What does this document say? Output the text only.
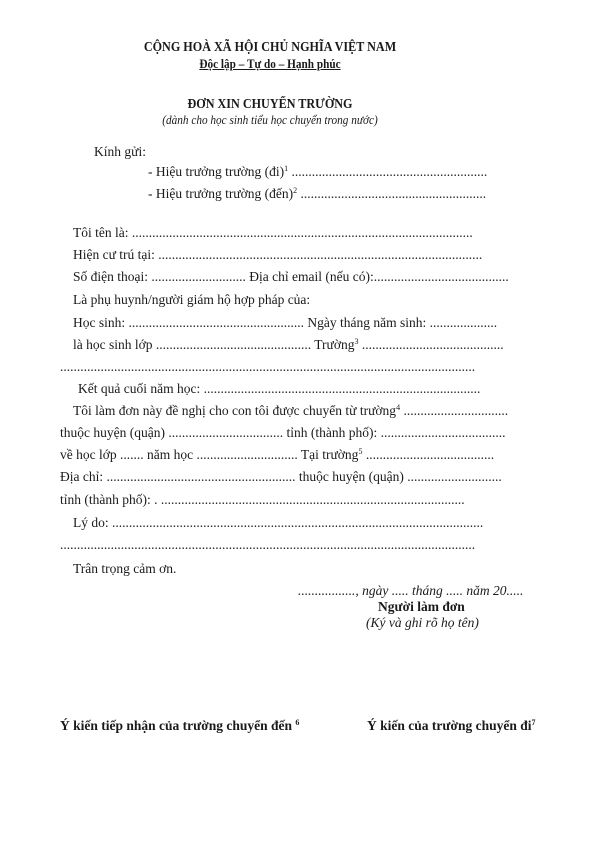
CỘNG HOÀ XÃ HỘI CHỦ NGHĨA VIỆT NAM
Độc lập – Tự do – Hạnh phúc
ĐƠN XIN CHUYỂN TRƯỜNG
(dành cho học sinh tiểu học chuyển trong nước)
Kính gửi:
- Hiệu trưởng trường (đi)$^1$ ..........................................................
- Hiệu trưởng trường (đến)$^2$ .......................................................
Tôi tên là: .....................................................................................................
Hiện cư trú tại: ................................................................................................
Số điện thoại: ............................ Địa chỉ email (nếu có):........................................
Là phụ huynh/người giám hộ hợp pháp của:
Học sinh: .................................................... Ngày tháng năm sinh: ....................
là học sinh lớp .............................................. Trường$^3$ ..........................................
...........................................................................................................................
Kết quả cuối năm học: ..................................................................................
Tôi làm đơn này đề nghị cho con tôi được chuyển từ trường$^4$ ...............................
thuộc huyện (quận) .................................. tỉnh (thành phố): .....................................
về học lớp ....... năm học .............................. Tại trường$^5$ ......................................
Địa chỉ: ........................................................ thuộc huyện (quận) ............................
tỉnh (thành phố): . ..........................................................................................
Lý do: ..............................................................................................................
...........................................................................................................................
Trân trọng cảm ơn.
................., ngày ..... tháng ..... năm 20.....
Người làm đơn
(Ký và ghi rõ họ tên)
Ý kiến tiếp nhận của trường chuyển đến $^6$	Ý kiến của trường chuyển $đi^7$
